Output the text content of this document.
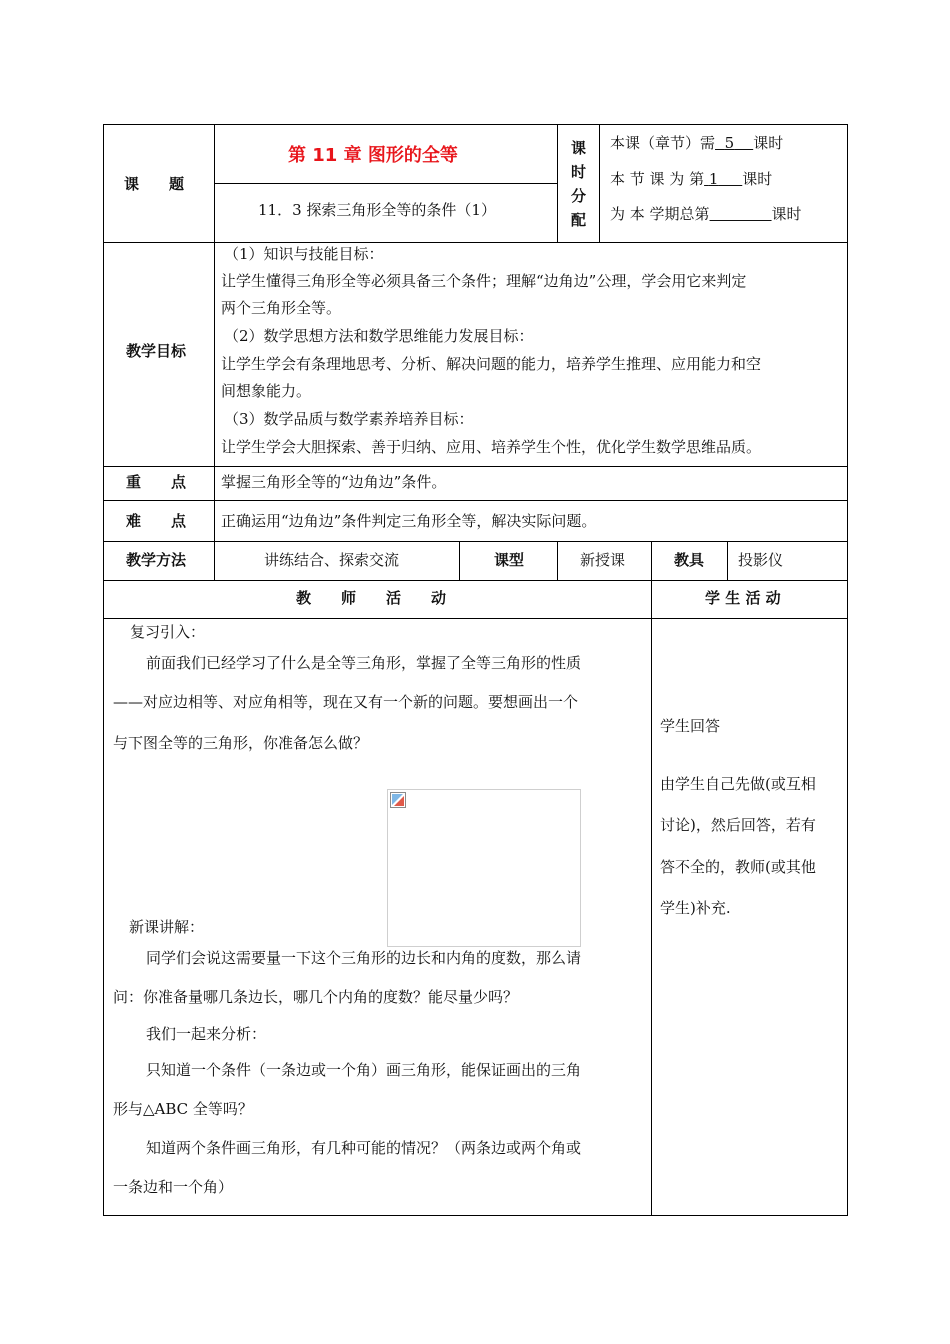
课　　题
第 11 章 图形的全等
11．3 探索三角形全等的条件（1）
课
时
分
配
本课（章节）需 5 课时
本 节 课 为 第 1 课时
为 本 学期总第	课时
教学目标
（1）知识与技能目标：
让学生懂得三角形全等必须具备三个条件；理解“边角边”公理，学会用它来判定
两个三角形全等。
（2）数学思想方法和数学思维能力发展目标：
让学生学会有条理地思考、分析、解决问题的能力，培养学生推理、应用能力和空
间想象能力。
（3）数学品质与数学素养培养目标：
让学生学会大胆探索、善于归纳、应用、培养学生个性，优化学生数学思维品质。
重　　点 掌握三角形全等的“边角边”条件。
难　　点 正确运用“边角边”条件判定三角形全等，解决实际问题。
教学方法	讲练结合、探索交流	课型	新授课	教具 投影仪
教　　师　　活　　动	学 生 活 动
复习引入：
前面我们已经学习了什么是全等三角形，掌握了全等三角形的性质
——对应边相等、对应角相等，现在又有一个新的问题。要想画出一个
与下图全等的三角形，你准备怎么做？
新课讲解：
同学们会说这需要量一下这个三角形的边长和内角的度数，那么请
问：你准备量哪几条边长，哪几个内角的度数？能尽量少吗？
我们一起来分析：
只知道一个条件（一条边或一个角）画三角形，能保证画出的三角
形与△ABC 全等吗？
知道两个条件画三角形，有几种可能的情况？（两条边或两个角或
一条边和一个角）
学生回答
由学生自己先做(或互相
讨论)，然后回答，若有
答不全的，教师(或其他
学生)补充.
